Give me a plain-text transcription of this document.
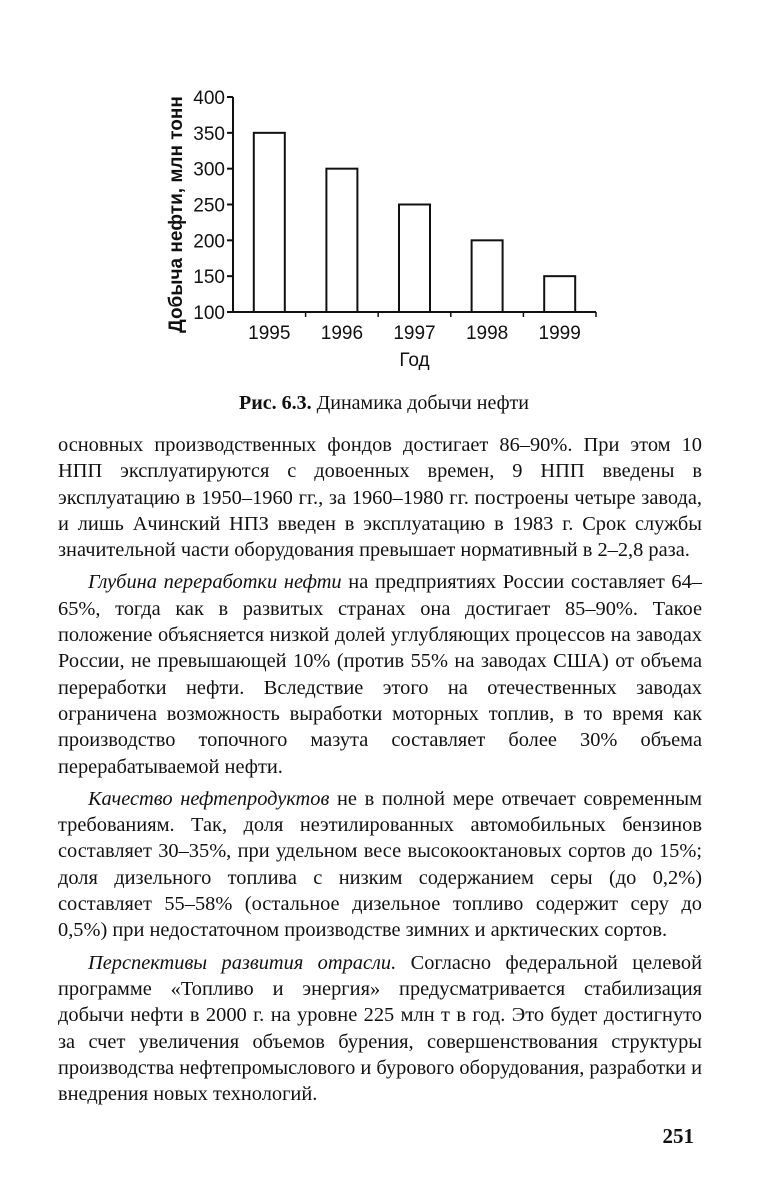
100
150
200
250
300
350
400
1995 1996 1997 1998 1999
Год
Добыча нефти, млн тонн
Рис. 6.3. Динамика добычи нефти

основных производственных фондов достигает 86–90%. При этом 10 НПП эксплуатируются с довоенных времен, 9 НПП введены в эксплуатацию в 1950–1960 гг., за 1960–1980 гг. построены четыре завода, и лишь Ачинский НПЗ введен в эксплуатацию в 1983 г. Срок службы значительной части оборудования превышает нормативный в 2–2,8 раза.

Глубина переработки нефти на предприятиях России составляет 64–65%, тогда как в развитых странах она достигает 85–90%. Такое положение объясняется низкой долей углубляющих процессов на заводах России, не превышающей 10% (против 55% на заводах США) от объема переработки нефти. Вследствие этого на отечественных заводах ограничена возможность выработки моторных топлив, в то время как производство топочного мазута составляет более 30% объема перерабатываемой нефти.

Качество нефтепродуктов не в полной мере отвечает современным требованиям. Так, доля неэтилированных автомобильных бензинов составляет 30–35%, при удельном весе высокооктановых сортов до 15%; доля дизельного топлива с низким содержанием серы (до 0,2%) составляет 55–58% (остальное дизельное топливо содержит серу до 0,5%) при недостаточном производстве зимних и арктических сортов.

Перспективы развития отрасли. Согласно федеральной целевой программе «Топливо и энергия» предусматривается стабилизация добычи нефти в 2000 г. на уровне 225 млн т в год. Это будет достигнуто за счет увеличения объемов бурения, совершенствования структуры производства нефтепромыслового и бурового оборудования, разработки и внедрения новых технологий.

251
